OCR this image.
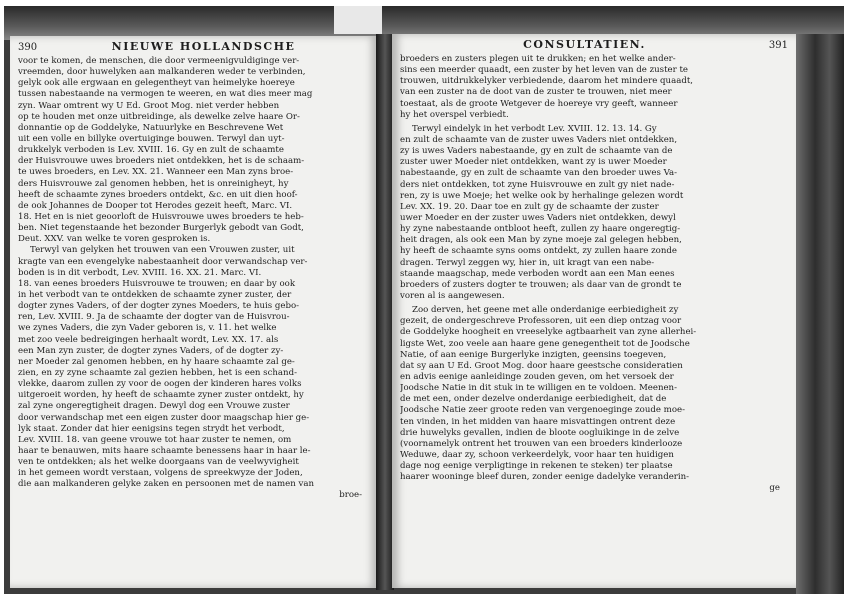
390	NIEUWE HOLLANDSCHE
voor te komen, de menschen, die door vermeenigvuldiginge ver-
vreemden, door huwelyken aan malkanderen weder te verbinden,
gelyk ook alle ergwaan en gelegentheyt van heimelyke hoereye
tussen nabestaande na vermogen te weeren, en wat dies meer mag
zyn. Waar omtrent wy U Ed. Groot Mog. niet verder hebben
op te houden met onze uitbreidinge, als dewelke zelve haare Or-
donnantie op de Goddelyke, Natuurlyke en Beschrevene Wet
uit een volle en billyke overtuiginge bouwen. Terwyl dan uyt-
drukkelyk verboden is Lev. XVIII. 16. Gy en zult de schaamte
der Huisvrouwe uwes broeders niet ontdekken, het is de schaam-
te uwes broeders, en Lev. XX. 21. Wanneer een Man zyns broe-
ders Huisvrouwe zal genomen hebben, het is onreinigheyt, hy
heeft de schaamte zynes broeders ontdekt, &c. en uit dien hoof-
de ook Johannes de Dooper tot Herodes gezeit heeft, Marc. VI.
18. Het en is niet geoorloft de Huisvrouwe uwes broeders te heb-
ben. Niet tegenstaande het bezonder Burgerlyk gebodt van Godt,
Deut. XXV. van welke te voren gesproken is.
Terwyl van gelyken het trouwen van een Vrouwen zuster, uit
kragte van een evengelyke nabestaanheit door verwandschap ver-
boden is in dit verbodt, Lev. XVIII. 16. XX. 21. Marc. VI.
18. van eenes broeders Huisvrouwe te trouwen; en daar by ook
in het verbodt van te ontdekken de schaamte zyner zuster, der
dogter zynes Vaders, of der dogter zynes Moeders, te huis gebo-
ren, Lev. XVIII. 9. Ja de schaamte der dogter van de Huisvrou-
we zynes Vaders, die zyn Vader geboren is, v. 11. het welke
met zoo veele bedreigingen herhaalt wordt, Lev. XX. 17. als
een Man zyn zuster, de dogter zynes Vaders, of de dogter zy-
ner Moeder zal genomen hebben, en hy haare schaamte zal ge-
zien, en zy zyne schaamte zal gezien hebben, het is een schand-
vlekke, daarom zullen zy voor de oogen der kinderen hares volks
uitgeroeit worden, hy heeft de schaamte zyner zuster ontdekt, hy
zal zyne ongeregtigheit dragen. Dewyl dog een Vrouwe zuster
door verwandschap met een eigen zuster door maagschap hier ge-
lyk staat. Zonder dat hier eenigsins tegen strydt het verbodt,
Lev. XVIII. 18. van geene vrouwe tot haar zuster te nemen, om
haar te benauwen, mits haare schaamte benessens haar in haar le-
ven te ontdekken; als het welke doorgaans van de veelwyvigheit
in het gemeen wordt verstaan, volgens de spreekwyze der Joden,
die aan malkanderen gelyke zaken en persoonen met de namen van
broe-
CONSULTATIEN.	391
broeders en zusters plegen uit te drukken; en het welke ander-
sins een meerder quaadt, een zuster by het leven van de zuster te
trouwen, uitdrukkelyker verbiedende, daarom het mindere quaadt,
van een zuster na de doot van de zuster te trouwen, niet meer
toestaat, als de groote Wetgever de hoereye vry geeft, wanneer
hy het overspel verbiedt.
Terwyl eindelyk in het verbodt Lev. XVIII. 12. 13. 14. Gy
en zult de schaamte van de zuster uwes Vaders niet ontdekken,
zy is uwes Vaders nabestaande, gy en zult de schaamte van de
zuster uwer Moeder niet ontdekken, want zy is uwer Moeder
nabestaande, gy en zult de schaamte van den broeder uwes Va-
ders niet ontdekken, tot zyne Huisvrouwe en zult gy niet nade-
ren, zy is uwe Moeje; het welke ook by herhalinge gelezen wordt
Lev. XX. 19. 20. Daar toe en zult gy de schaamte der zuster
uwer Moeder en der zuster uwes Vaders niet ontdekken, dewyl
hy zyne nabestaande ontbloot heeft, zullen zy haare ongeregtig-
heit dragen, als ook een Man by zyne moeje zal gelegen hebben,
hy heeft de schaamte syns ooms ontdekt, zy zullen haare zonde
dragen. Terwyl zeggen wy, hier in, uit kragt van een nabe-
staande maagschap, mede verboden wordt aan een Man eenes
broeders of zusters dogter te trouwen; als daar van de grondt te
voren al is aangewesen.
Zoo derven, het geene met alle onderdanige eerbiedigheit zy
gezeit, de ondergeschreve Professoren, uit een diep ontzag voor
de Goddelyke hoogheit en vreeselyke agtbaarheit van zyne allerhei-
ligste Wet, zoo veele aan haare gene genegentheit tot de Joodsche
Natie, of aan eenige Burgerlyke inzigten, geensins toegeven,
dat sy aan U Ed. Groot Mog. door haare geestsche consideratien
en advis eenige aanleidinge zouden geven, om het versoek der
Joodsche Natie in dit stuk in te willigen en te voldoen. Meenen-
de met een, onder dezelve onderdanige eerbiedigheit, dat de
Joodsche Natie zeer groote reden van vergenoeginge zoude moe-
ten vinden, in het midden van haare misvattingen ontrent deze
drie huwelyks gevallen, indien de bloote oogluikinge in de zelve
(voornamelyk ontrent het trouwen van een broeders kinderlooze
Weduwe, daar zy, schoon verkeerdelyk, voor haar ten huidigen
dage nog eenige verpligtinge in rekenen te steken) ter plaatse
haarer wooninge bleef duren, zonder eenige dadelyke veranderin-
ge
